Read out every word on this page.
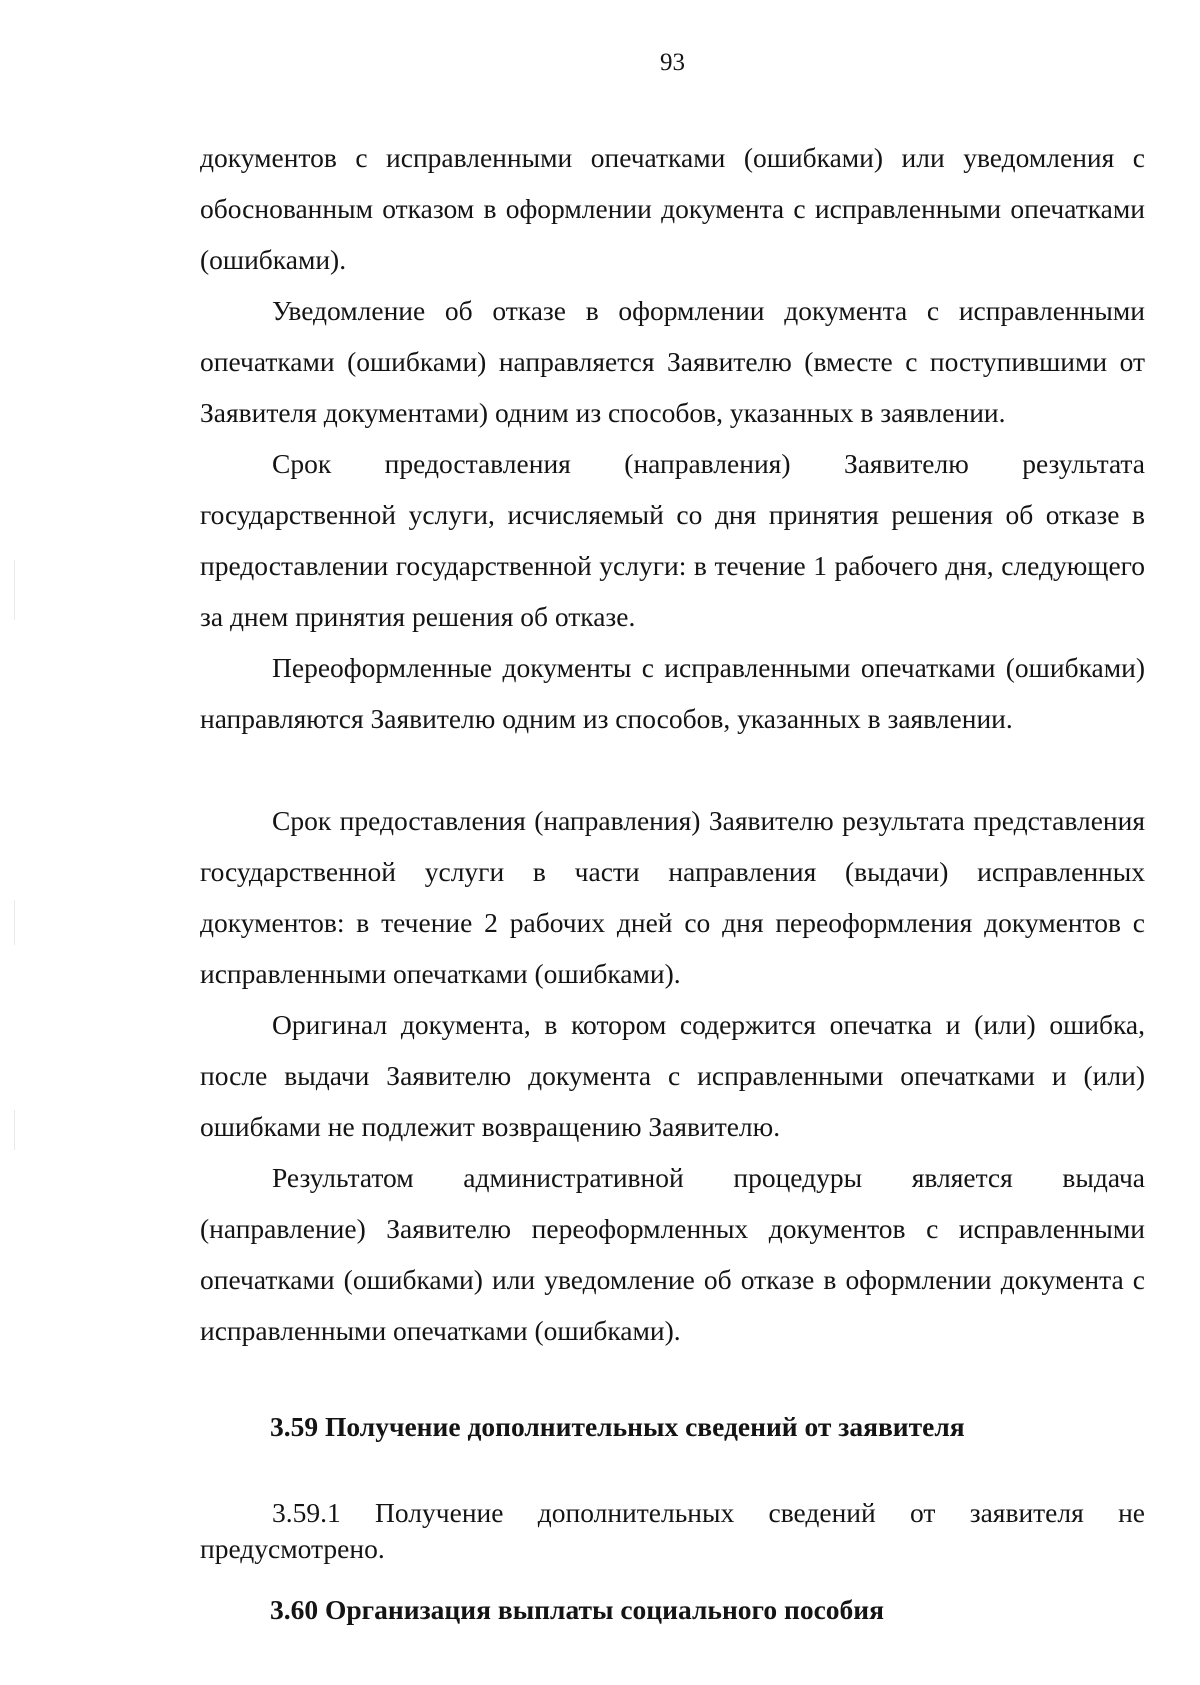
93

документов с исправленными опечатками (ошибками) или уведомления с обоснованным отказом в оформлении документа с исправленными опечатками (ошибками).

Уведомление об отказе в оформлении документа с исправленными опечатками (ошибками) направляется Заявителю (вместе с поступившими от Заявителя документами) одним из способов, указанных в заявлении.

Срок предоставления (направления) Заявителю результата государственной услуги, исчисляемый со дня принятия решения об отказе в предоставлении государственной услуги: в течение 1 рабочего дня, следующего за днем принятия решения об отказе.

Переоформленные документы с исправленными опечатками (ошибками) направляются Заявителю одним из способов, указанных в заявлении.

Срок предоставления (направления) Заявителю результата представления государственной услуги в части направления (выдачи) исправленных документов: в течение 2 рабочих дней со дня переоформления документов с исправленными опечатками (ошибками).

Оригинал документа, в котором содержится опечатка и (или) ошибка, после выдачи Заявителю документа с исправленными опечатками и (или) ошибками не подлежит возвращению Заявителю.

Результатом административной процедуры является выдача (направление) Заявителю переоформленных документов с исправленными опечатками (ошибками) или уведомление об отказе в оформлении документа с исправленными опечатками (ошибками).

3.59 Получение дополнительных сведений от заявителя

3.59.1 Получение дополнительных сведений от заявителя не предусмотрено.

3.60 Организация выплаты социального пособия
